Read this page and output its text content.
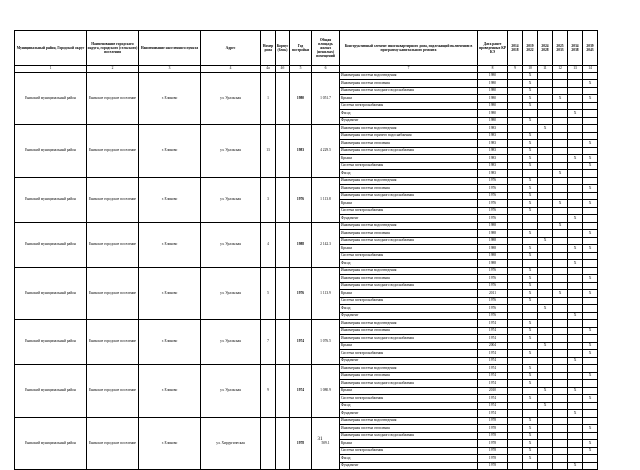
Муниципальный район, Городской округ	Наименование городского округа, городского (сельского) поселения	Наименование населенного пункта	Адрес	Номер дома	Корпус (блок)	Год постройки	Общая площадь жилых (нежилых) помещений	Конструктивный элемент многоквартирного дома, подлежащий включению в программу капитального ремонта	Дата ранее проведенных КР КЭ	2014 2018	2019 2022	2024 2028	2025 2033	2034 2038	2039 2043
1	2	3	4	4а	4б	5	6	7	8	9	10	11	12	13	14
Еникский муниципальный район	Еникское городское поселение	г. Еликово	ул. Уральская	1		1980	1 051.7	Инженерная система водоотведения	1980		X				
								Инженерная система отопления	1980		X				X
								Инженерная система холодного водоснабжения	1980		X				
								Крыша	1980		X		X		X
								Система электроснабжения	1980		X				
								Фасад	1980					X	
								Фундамент	1980		X				
Еникский муниципальный район	Еникское городское поселение	г. Еликово	ул. Уральская	13		1983	4 229.5	Инженерная система водоотведения	1983			X			
								Инженерная система горячего водоснабжения	1983		X				
								Инженерная система отопления	1983		X				X
								Инженерная система холодного водоснабжения	1983		X				
								Крыша	1983		X			X	X
								Система электроснабжения	1983		X				X
								Фасад	1983				X		
Еникский муниципальный район	Еникское городское поселение	г. Еликово	ул. Уральская	3		1976	1 113.8	Инженерная система водоотведения	1976		X				
								Инженерная система отопления	1976		X				X
								Инженерная система холодного водоснабжения	1976		X				
								Крыша	1976		X		X		X
								Система электроснабжения	1976		X				
								Фундамент	1976					X	
Еникский муниципальный район	Еникское городское поселение	г. Еликово	ул. Уральская	4		1988	2 142.3	Инженерная система водоотведения	1988				X		
								Инженерная система отопления	1988		X				X
								Инженерная система холодного водоснабжения	1988			X			
								Крыша	1988		X			X	X
								Система электроснабжения	1988		X				
								Фасад	1988					X	
Еникский муниципальный район	Еникское городское поселение	г. Еликово	ул. Уральская	5		1976	1 113.9	Инженерная система водоотведения	1976		X				
								Инженерная система отопления	1976		X				X
								Инженерная система холодного водоснабжения	1976		X				
								Крыша	2011		X		X		X
								Система электроснабжения	1976		X				
								Фасад	1976			X			
								Фундамент	1976					X	
Еникский муниципальный район	Еникское городское поселение	г. Еликово	ул. Уральская	7		1974	1 076.5	Инженерная система водоотведения	1974		X				
								Инженерная система отопления	1974		X				X
								Инженерная система холодного водоснабжения	1974		X				
								Крыша	2004			X			X
								Система электроснабжения	1974		X				X
								Фундамент	1974					X	
Еникский муниципальный район	Еникское городское поселение	г. Еликово	ул. Уральская	9		1974	1 080.9	Инженерная система водоотведения	1974		X				
								Инженерная система отопления	1974		X				X
								Инженерная система холодного водоснабжения	1974		X				
								Крыша	2010			X		X	
								Система электроснабжения	1974		X				X
								Фасад	1974			X			
								Фундамент	1974					X	
Еникский муниципальный район	Еникское городское поселение	г. Еликово	ул. Хирургическая			1978	509.1	Инженерная система водоотведения	1978		X				
								Инженерная система отопления	1978		X				X
								Инженерная система холодного водоснабжения	1978		X				
								Крыша	1978		X				X
								Система электроснабжения	1978		X				X
								Фасад	1978		X				
								Фундамент	1978					X	
31
